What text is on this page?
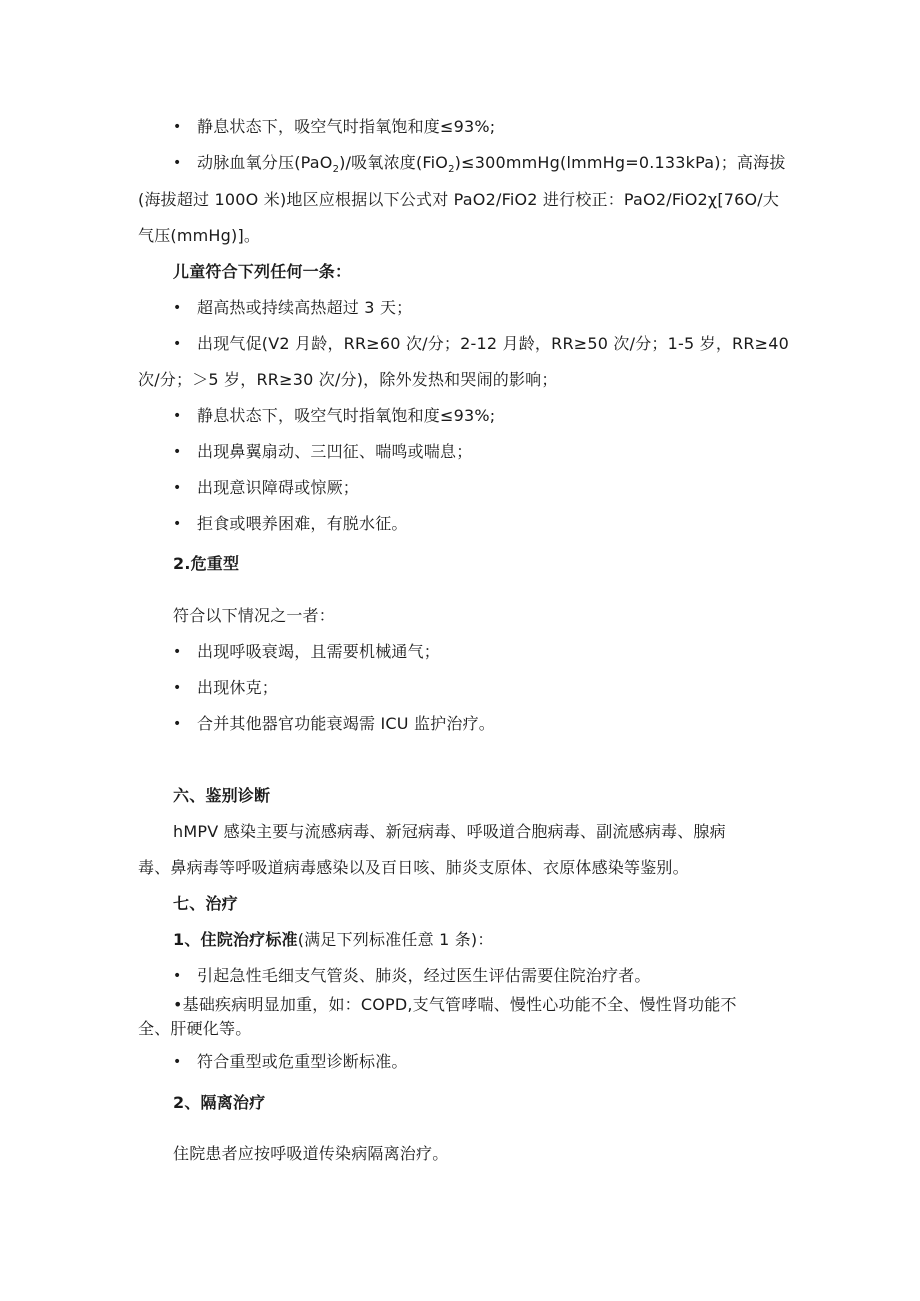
• 静息状态下，吸空气时指氧饱和度≤93%;
• 动脉血氧分压(PaO$_2$)/吸氧浓度(FiO$_2$)≤300mmHg(lmmHg=0.133kPa)；高海拔
(海拔超过 100O 米)地区应根据以下公式对 PaO2∕FiO2 进行校正：PaO2∕FiO2χ[76O∕大
气压(mmHg)]。
儿童符合下列任何一条：
• 超高热或持续高热超过 3 天；
• 出现气促(V2 月龄，RR≥60 次/分；2-12 月龄，RR≥50 次/分；1-5 岁，RR≥40
次/分；＞5 岁，RR≥30 次/分)，除外发热和哭闹的影响；
• 静息状态下，吸空气时指氧饱和度≤93%;
• 出现鼻翼扇动、三凹征、喘鸣或喘息；
• 出现意识障碍或惊厥；
• 拒食或喂养困难，有脱水征。
2.危重型
符合以下情况之一者：
• 出现呼吸衰竭，且需要机械通气；
• 出现休克；
• 合并其他器官功能衰竭需 ICU 监护治疗。
六、鉴别诊断
hMPV 感染主要与流感病毒、新冠病毒、呼吸道合胞病毒、副流感病毒、腺病
毒、鼻病毒等呼吸道病毒感染以及百日咳、肺炎支原体、衣原体感染等鉴别。
七、治疗
1、住院治疗标准(满足下列标准任意 1 条)：
• 引起急性毛细支气管炎、肺炎，经过医生评估需要住院治疗者。
•基础疾病明显加重，如：COPD,支气管哮喘、慢性心功能不全、慢性肾功能不
全、肝硬化等。
• 符合重型或危重型诊断标准。
2、隔离治疗
住院患者应按呼吸道传染病隔离治疗。
